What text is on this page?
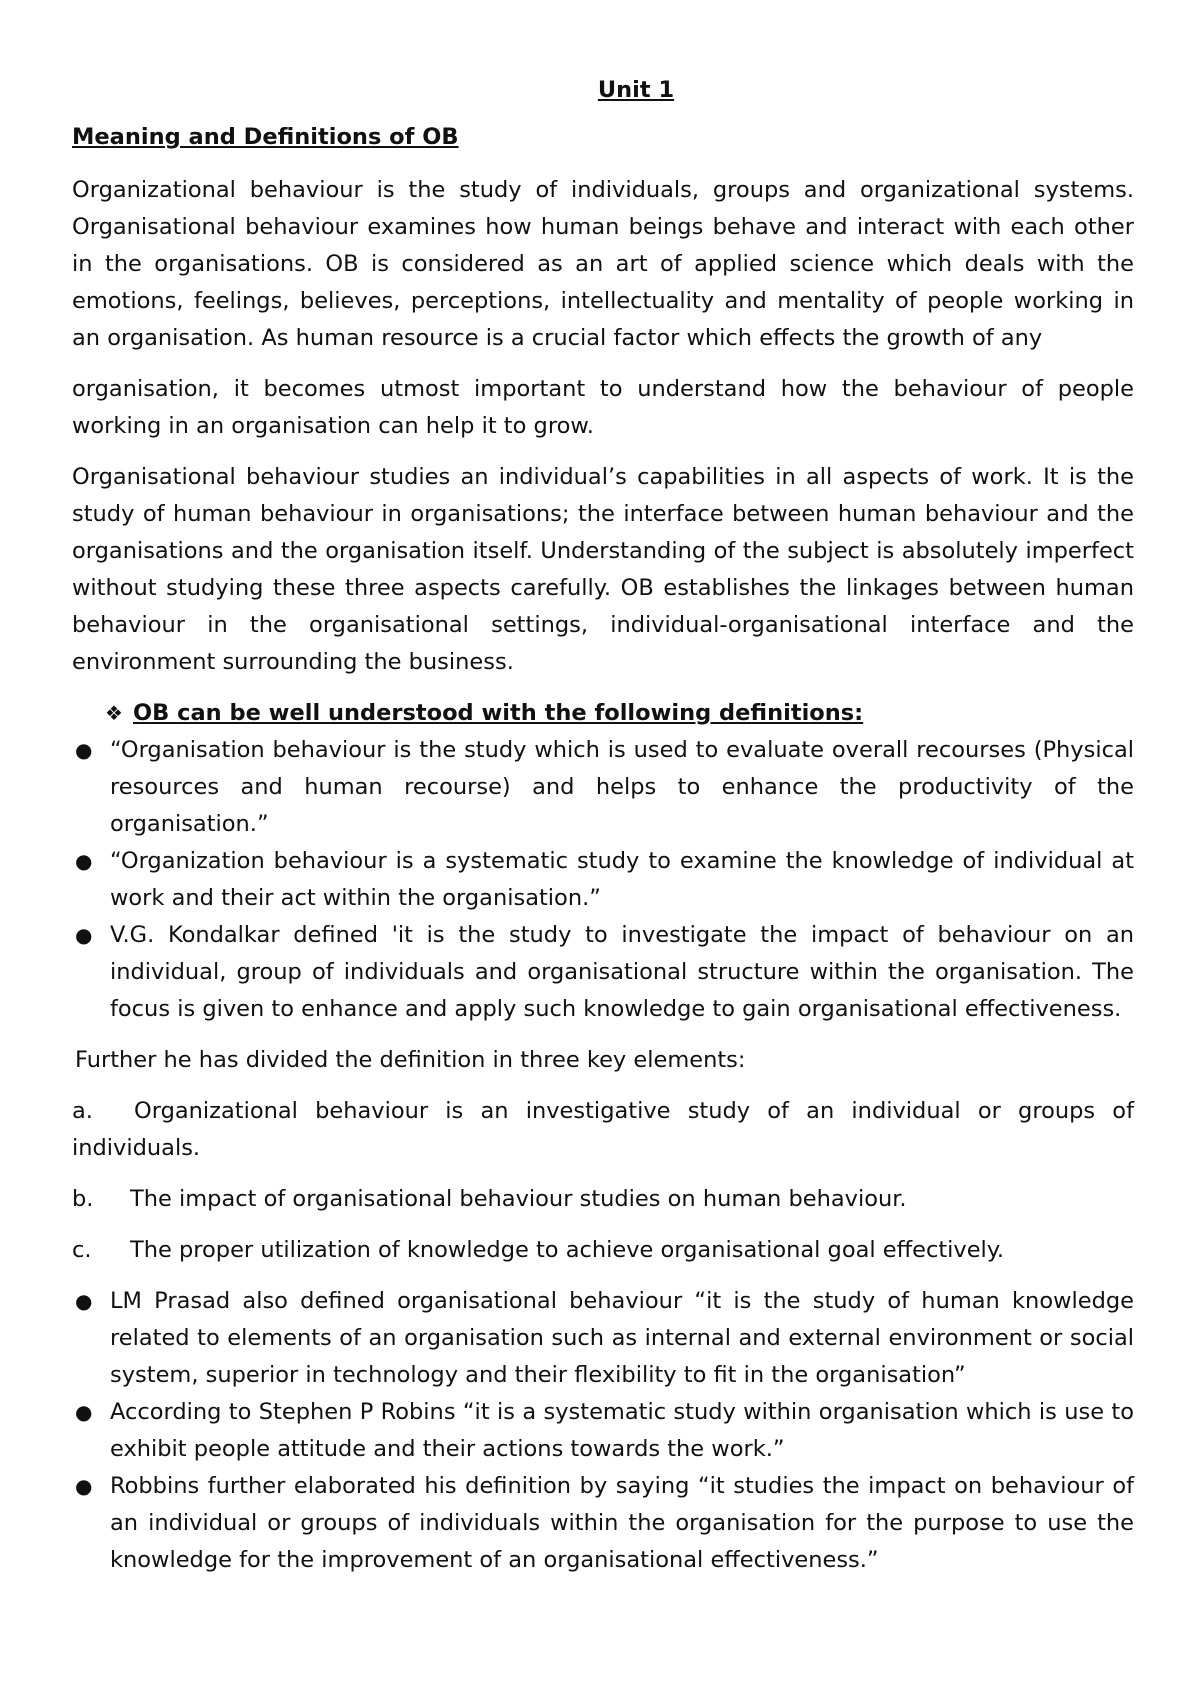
Unit 1
Meaning and Definitions of OB

Organizational behaviour is the study of individuals, groups and organizational systems. Organisational behaviour examines how human beings behave and interact with each other in the organisations. OB is considered as an art of applied science which deals with the emotions, feelings, believes, perceptions, intellectuality and mentality of people working in an organisation. As human resource is a crucial factor which effects the growth of any

organisation, it becomes utmost important to understand how the behaviour of people working in an organisation can help it to grow.

Organisational behaviour studies an individual’s capabilities in all aspects of work. It is the study of human behaviour in organisations; the interface between human behaviour and the organisations and the organisation itself. Understanding of the subject is absolutely imperfect without studying these three aspects carefully. OB establishes the linkages between human behaviour in the organisational settings, individual-organisational interface and the environment surrounding the business.

❖ OB can be well understood with the following definitions:
● “Organisation behaviour is the study which is used to evaluate overall recourses (Physical resources and human recourse) and helps to enhance the productivity of the organisation.”
● “Organization behaviour is a systematic study to examine the knowledge of individual at work and their act within the organisation.”
● V.G. Kondalkar defined 'it is the study to investigate the impact of behaviour on an individual, group of individuals and organisational structure within the organisation. The focus is given to enhance and apply such knowledge to gain organisational effectiveness.

Further he has divided the definition in three key elements:

a. Organizational behaviour is an investigative study of an individual or groups of individuals.

b. The impact of organisational behaviour studies on human behaviour.

c. The proper utilization of knowledge to achieve organisational goal effectively.

● LM Prasad also defined organisational behaviour “it is the study of human knowledge related to elements of an organisation such as internal and external environment or social system, superior in technology and their flexibility to fit in the organisation”
● According to Stephen P Robins “it is a systematic study within organisation which is use to exhibit people attitude and their actions towards the work.”
● Robbins further elaborated his definition by saying “it studies the impact on behaviour of an individual or groups of individuals within the organisation for the purpose to use the knowledge for the improvement of an organisational effectiveness.”
